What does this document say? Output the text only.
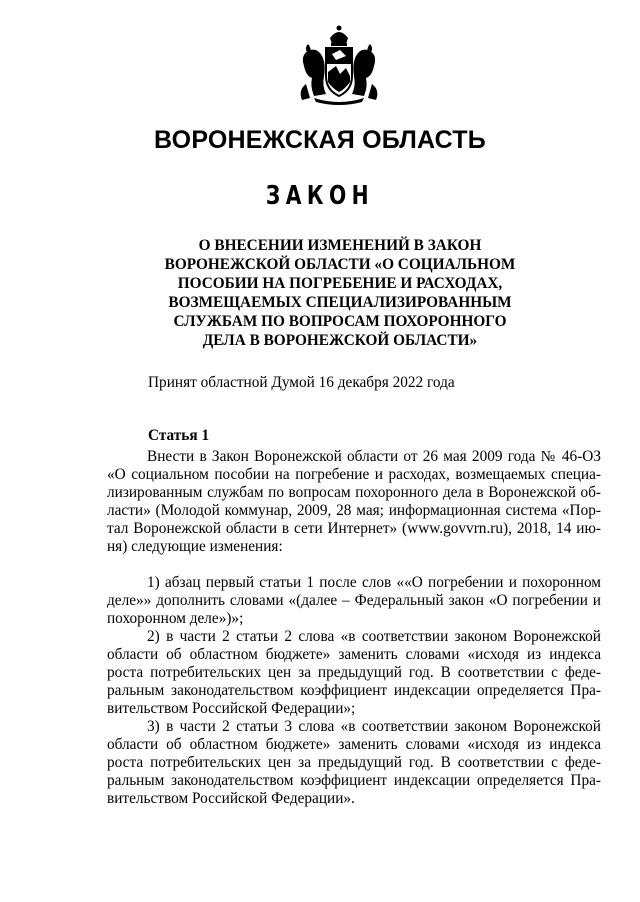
ВОРОНЕЖСКАЯ ОБЛАСТЬ
ЗАКОН
О ВНЕСЕНИИ ИЗМЕНЕНИЙ В ЗАКОН
ВОРОНЕЖСКОЙ ОБЛАСТИ «О СОЦИАЛЬНОМ
ПОСОБИИ НА ПОГРЕБЕНИЕ И РАСХОДАХ,
ВОЗМЕЩАЕМЫХ СПЕЦИАЛИЗИРОВАННЫМ
СЛУЖБАМ ПО ВОПРОСАМ ПОХОРОННОГО
ДЕЛА В ВОРОНЕЖСКОЙ ОБЛАСТИ»
Принят областной Думой 16 декабря 2022 года
Статья 1

Внести в Закон Воронежской области от 26 мая 2009 года № 46-ОЗ
«О социальном пособии на погребение и расходах, возмещаемых специа-
лизированным службам по вопросам похоронного дела в Воронежской об-
ласти» (Молодой коммунар, 2009, 28 мая; информационная система «Пор-
тал Воронежской области в сети Интернет» (www.govvrn.ru), 2018, 14 ию-
ня) следующие изменения:

1) абзац первый статьи 1 после слов ««О погребении и похоронном
деле»» дополнить словами «(далее – Федеральный закон «О погребении и
похоронном деле»)»;

2) в части 2 статьи 2 слова «в соответствии законом Воронежской
области об областном бюджете» заменить словами «исходя из индекса
роста потребительских цен за предыдущий год. В соответствии с феде-
ральным законодательством коэффициент индексации определяется Пра-
вительством Российской Федерации»;

3) в части 2 статьи 3 слова «в соответствии законом Воронежской
области об областном бюджете» заменить словами «исходя из индекса
роста потребительских цен за предыдущий год. В соответствии с феде-
ральным законодательством коэффициент индексации определяется Пра-
вительством Российской Федерации».
